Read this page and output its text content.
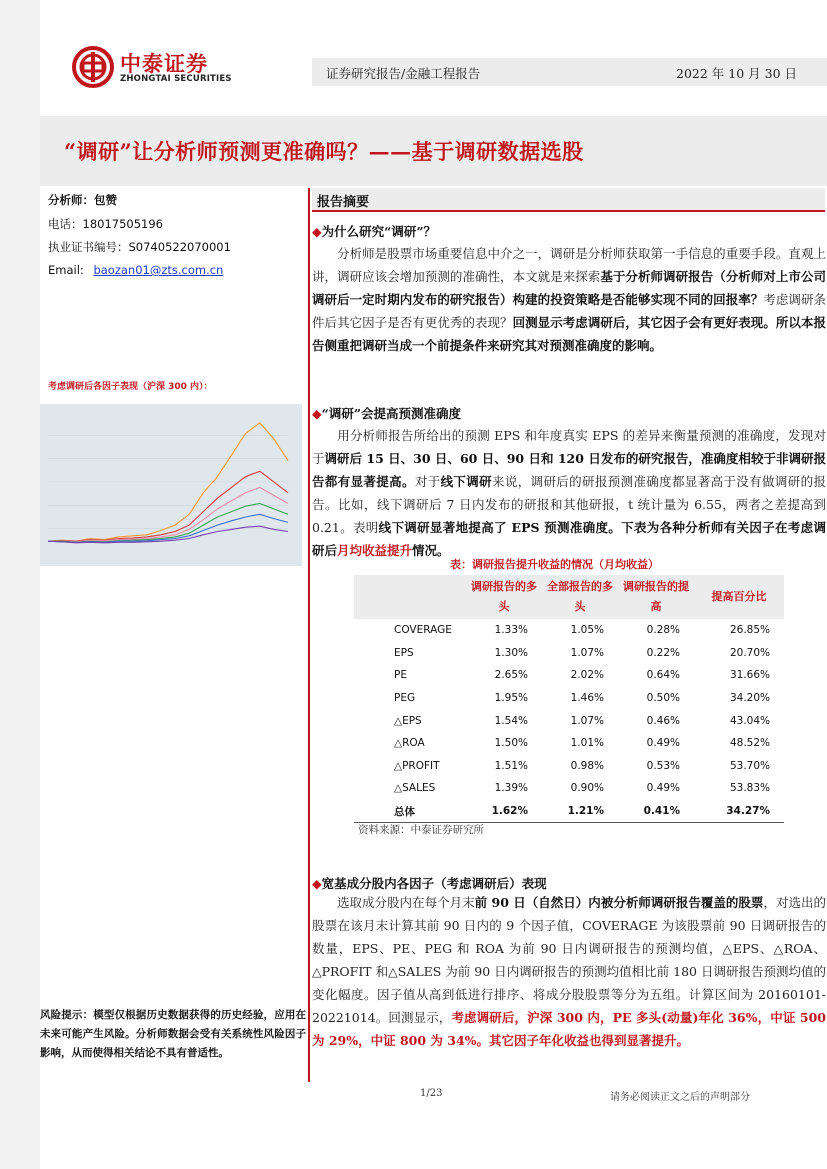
中泰证券
ZHONGTAI SECURITIES	证券研究报告/金融工程报告	2022 年 10 月 30 日
“调研”让分析师预测更准确吗？——基于调研数据选股
分析师：包赞
电话：18017505196
执业证书编号：S0740522070001
Email: baozan01@zts.com.cn
考虑调研后各因子表现（沪深 300 内）：
报告摘要
◆为什么研究“调研”？
分析师是股票市场重要信息中介之一，调研是分析师获取第一手信息的重要手段。直观上讲，调研应该会增加预测的准确性，本文就是来探索基于分析师调研报告（分析师对上市公司调研后一定时期内发布的研究报告）构建的投资策略是否能够实现不同的回报率？考虑调研条件后其它因子是否有更优秀的表现？回测显示考虑调研后，其它因子会有更好表现。所以本报告侧重把调研当成一个前提条件来研究其对预测准确度的影响。
◆“调研”会提高预测准确度
用分析师报告所给出的预测 EPS 和年度真实 EPS 的差异来衡量预测的准确度，发现对于调研后 15 日、30 日、60 日、90 日和 120 日发布的研究报告，准确度相较于非调研报告都有显著提高。对于线下调研来说，调研后的研报预测准确度都显著高于没有做调研的报告。比如，线下调研后 7 日内发布的研报和其他研报，t 统计量为 6.55，两者之差提高到 0.21。表明线下调研显著地提高了 EPS 预测准确度。下表为各种分析师有关因子在考虑调研后月均收益提升情况。
表：调研报告提升收益的情况（月均收益）
	调研报告的多头	全部报告的多头	调研报告的提高	提高百分比
COVERAGE	1.33%	1.05%	0.28%	26.85%
EPS	1.30%	1.07%	0.22%	20.70%
PE	2.65%	2.02%	0.64%	31.66%
PEG	1.95%	1.46%	0.50%	34.20%
△EPS	1.54%	1.07%	0.46%	43.04%
△ROA	1.50%	1.01%	0.49%	48.52%
△PROFIT	1.51%	0.98%	0.53%	53.70%
△SALES	1.39%	0.90%	0.49%	53.83%
总体	1.62%	1.21%	0.41%	34.27%
资料来源：中泰证券研究所
◆宽基成分股内各因子（考虑调研后）表现
选取成分股内在每个月末前 90 日（自然日）内被分析师调研报告覆盖的股票，对选出的股票在该月末计算其前 90 日内的 9 个因子值，COVERAGE 为该股票前 90 日调研报告的数量，EPS、PE、PEG 和 ROA 为前 90 日内调研报告的预测均值，△EPS、△ROA、△PROFIT 和△SALES 为前 90 日内调研报告的预测均值相比前 180 日调研报告预测均值的变化幅度。因子值从高到低进行排序、将成分股股票等分为五组。计算区间为 20160101-20221014。回测显示，考虑调研后，沪深 300 内，PE 多头(动量)年化 36%，中证 500 为 29%，中证 800 为 34%。其它因子年化收益也得到显著提升。
风险提示：模型仅根据历史数据获得的历史经验，应用在未来可能产生风险。分析师数据会受有关系统性风险因子影响，从而使得相关结论不具有普适性。
1/23	请务必阅读正文之后的声明部分
